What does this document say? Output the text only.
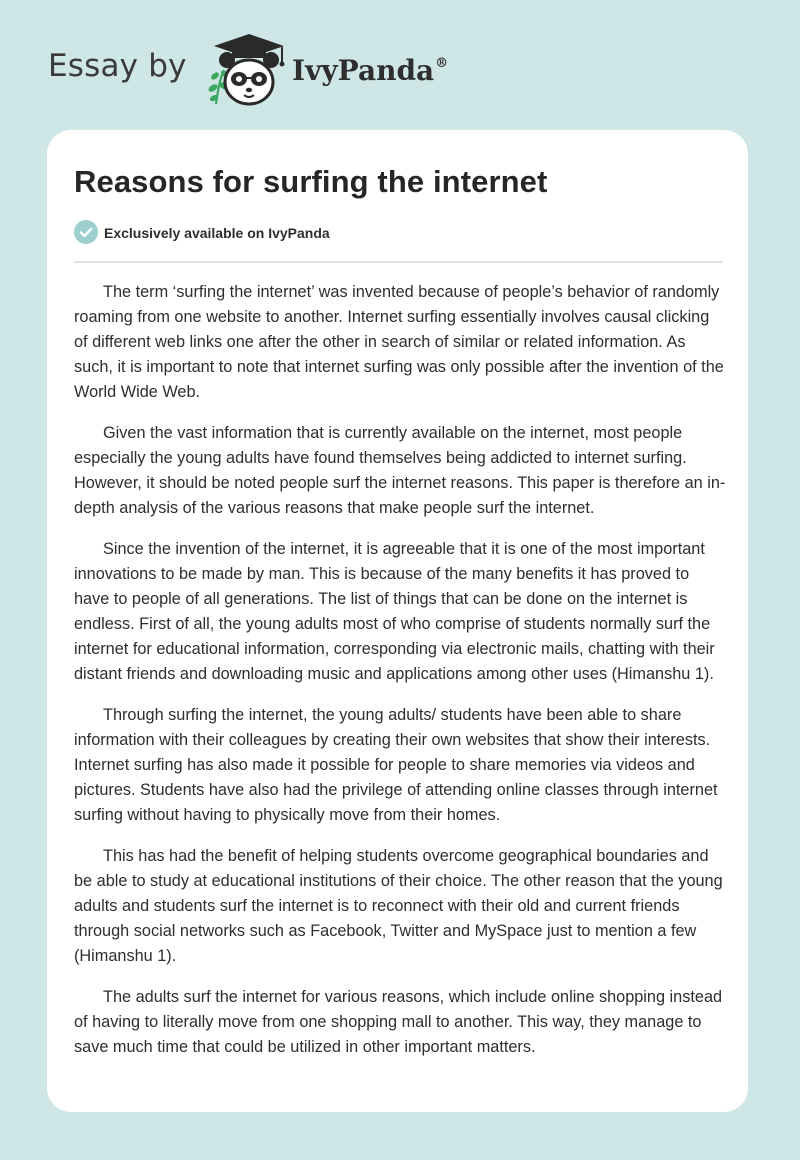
Essay by	IvyPanda®
Reasons for surfing the internet
Exclusively available on IvyPanda

The term ‘surfing the internet’ was invented because of people’s behavior of randomly roaming from one website to another. Internet surfing essentially involves causal clicking of different web links one after the other in search of similar or related information. As such, it is important to note that internet surfing was only possible after the invention of the World Wide Web.

Given the vast information that is currently available on the internet, most people especially the young adults have found themselves being addicted to internet surfing. However, it should be noted people surf the internet reasons. This paper is therefore an in-depth analysis of the various reasons that make people surf the internet.

Since the invention of the internet, it is agreeable that it is one of the most important innovations to be made by man. This is because of the many benefits it has proved to have to people of all generations. The list of things that can be done on the internet is endless. First of all, the young adults most of who comprise of students normally surf the internet for educational information, corresponding via electronic mails, chatting with their distant friends and downloading music and applications among other uses (Himanshu 1).

Through surfing the internet, the young adults/ students have been able to share information with their colleagues by creating their own websites that show their interests. Internet surfing has also made it possible for people to share memories via videos and pictures. Students have also had the privilege of attending online classes through internet surfing without having to physically move from their homes.

This has had the benefit of helping students overcome geographical boundaries and be able to study at educational institutions of their choice. The other reason that the young adults and students surf the internet is to reconnect with their old and current friends through social networks such as Facebook, Twitter and MySpace just to mention a few (Himanshu 1).

The adults surf the internet for various reasons, which include online shopping instead of having to literally move from one shopping mall to another. This way, they manage to save much time that could be utilized in other important matters.
